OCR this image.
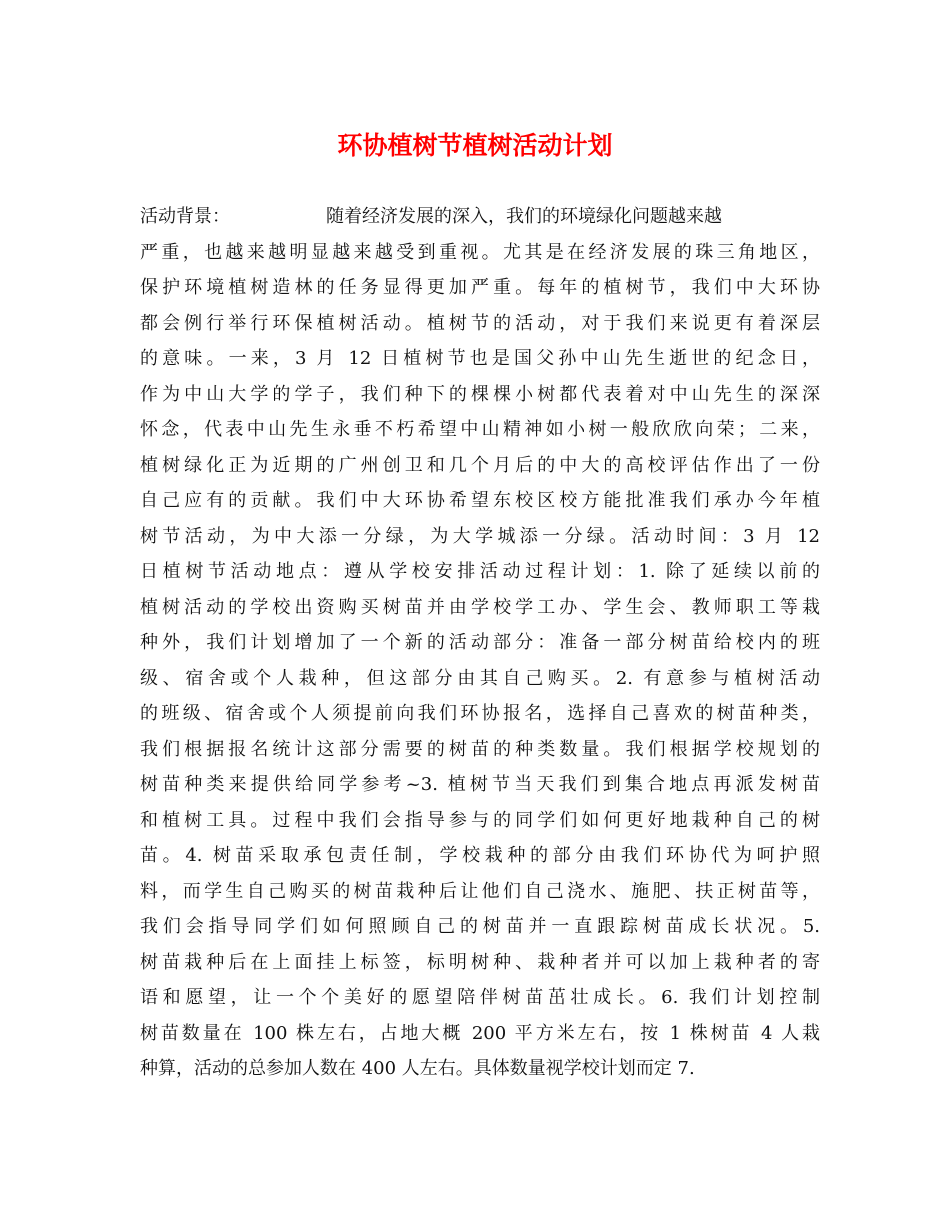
环协植树节植树活动计划
活动背景：	随着经济发展的深入，我们的环境绿化问题越来越
严重，也越来越明显越来越受到重视。尤其是在经济发展的珠三角地区，
保护环境植树造林的任务显得更加严重。每年的植树节，我们中大环协
都会例行举行环保植树活动。植树节的活动，对于我们来说更有着深层
的意味。一来，3 月 12 日植树节也是国父孙中山先生逝世的纪念日，
作为中山大学的学子，我们种下的棵棵小树都代表着对中山先生的深深
怀念，代表中山先生永垂不朽希望中山精神如小树一般欣欣向荣；二来，
植树绿化正为近期的广州创卫和几个月后的中大的高校评估作出了一份
自己应有的贡献。我们中大环协希望东校区校方能批准我们承办今年植
树节活动，为中大添一分绿，为大学城添一分绿。活动时间：3 月 12
日植树节活动地点：遵从学校安排活动过程计划：1. 除了延续以前的
植树活动的学校出资购买树苗并由学校学工办、学生会、教师职工等栽
种外，我们计划增加了一个新的活动部分：准备一部分树苗给校内的班
级、宿舍或个人栽种，但这部分由其自己购买。2. 有意参与植树活动
的班级、宿舍或个人须提前向我们环协报名，选择自己喜欢的树苗种类，
我们根据报名统计这部分需要的树苗的种类数量。我们根据学校规划的
树苗种类来提供给同学参考~3. 植树节当天我们到集合地点再派发树苗
和植树工具。过程中我们会指导参与的同学们如何更好地栽种自己的树
苗。4. 树苗采取承包责任制，学校栽种的部分由我们环协代为呵护照
料，而学生自己购买的树苗栽种后让他们自己浇水、施肥、扶正树苗等，
我们会指导同学们如何照顾自己的树苗并一直跟踪树苗成长状况。5.
树苗栽种后在上面挂上标签，标明树种、栽种者并可以加上栽种者的寄
语和愿望，让一个个美好的愿望陪伴树苗茁壮成长。6. 我们计划控制
树苗数量在 100 株左右，占地大概 200 平方米左右，按 1 株树苗 4 人栽
种算，活动的总参加人数在 400 人左右。具体数量视学校计划而定 7.
